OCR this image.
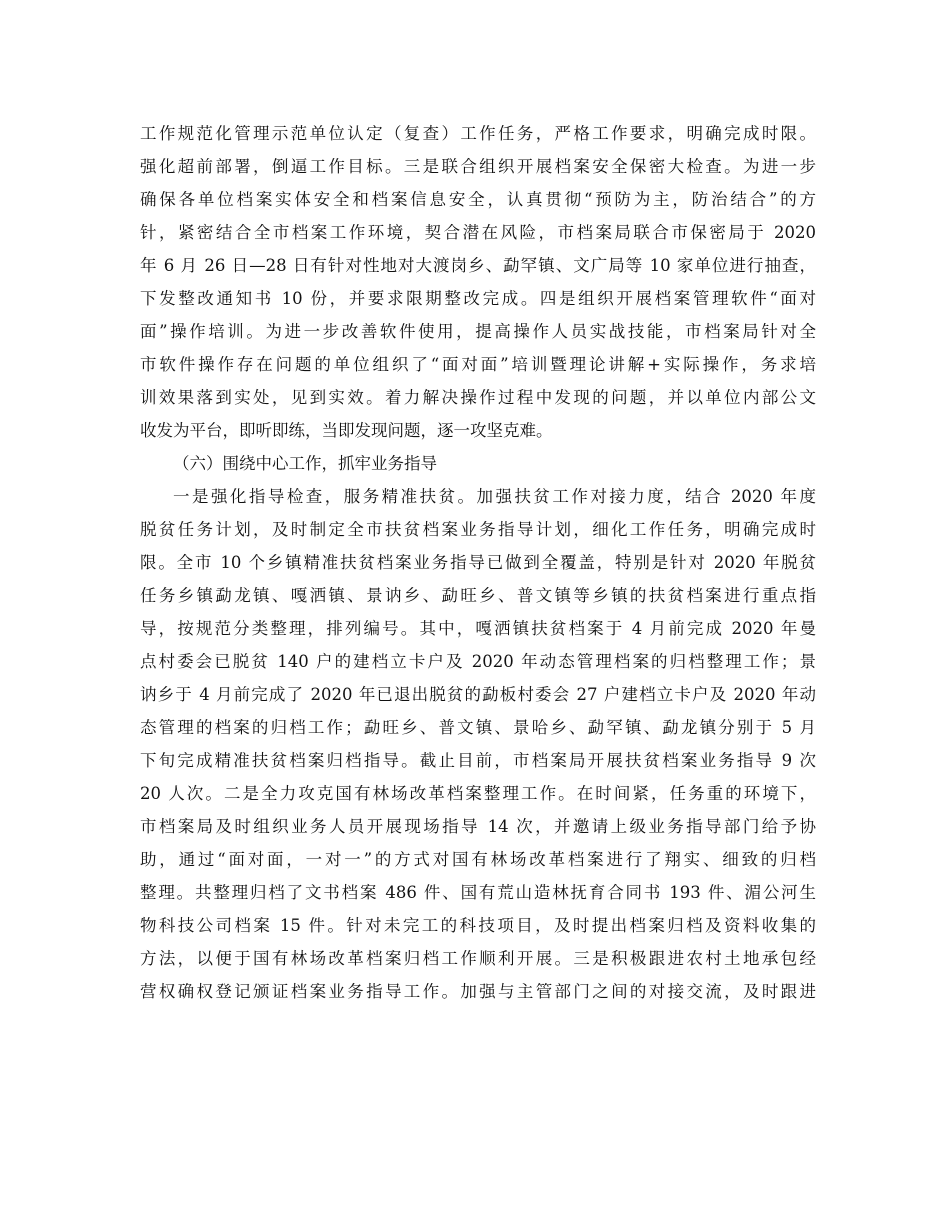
工作规范化管理示范单位认定（复查）工作任务，严格工作要求，明确完成时限。
强化超前部署，倒逼工作目标。三是联合组织开展档案安全保密大检查。为进一步
确保各单位档案实体安全和档案信息安全，认真贯彻“预防为主，防治结合”的方
针，紧密结合全市档案工作环境，契合潜在风险，市档案局联合市保密局于 2020
年 6 月 26 日—28 日有针对性地对大渡岗乡、勐罕镇、文广局等 10 家单位进行抽查，
下发整改通知书 10 份，并要求限期整改完成。四是组织开展档案管理软件“面对
面”操作培训。为进一步改善软件使用，提高操作人员实战技能，市档案局针对全
市软件操作存在问题的单位组织了“面对面”培训暨理论讲解+实际操作，务求培
训效果落到实处，见到实效。着力解决操作过程中发现的问题，并以单位内部公文
收发为平台，即听即练，当即发现问题，逐一攻坚克难。
（六）围绕中心工作，抓牢业务指导
一是强化指导检查，服务精准扶贫。加强扶贫工作对接力度，结合 2020 年度
脱贫任务计划，及时制定全市扶贫档案业务指导计划，细化工作任务，明确完成时
限。全市 10 个乡镇精准扶贫档案业务指导已做到全覆盖，特别是针对 2020 年脱贫
任务乡镇勐龙镇、嘎洒镇、景讷乡、勐旺乡、普文镇等乡镇的扶贫档案进行重点指
导，按规范分类整理，排列编号。其中，嘎洒镇扶贫档案于 4 月前完成 2020 年曼
点村委会已脱贫 140 户的建档立卡户及 2020 年动态管理档案的归档整理工作；景
讷乡于 4 月前完成了 2020 年已退出脱贫的勐板村委会 27 户建档立卡户及 2020 年动
态管理的档案的归档工作；勐旺乡、普文镇、景哈乡、勐罕镇、勐龙镇分别于 5 月
下旬完成精准扶贫档案归档指导。截止目前，市档案局开展扶贫档案业务指导 9 次
20 人次。二是全力攻克国有林场改革档案整理工作。在时间紧，任务重的环境下，
市档案局及时组织业务人员开展现场指导 14 次，并邀请上级业务指导部门给予协
助，通过“面对面，一对一”的方式对国有林场改革档案进行了翔实、细致的归档
整理。共整理归档了文书档案 486 件、国有荒山造林抚育合同书 193 件、湄公河生
物科技公司档案 15 件。针对未完工的科技项目，及时提出档案归档及资料收集的
方法，以便于国有林场改革档案归档工作顺利开展。三是积极跟进农村土地承包经
营权确权登记颁证档案业务指导工作。加强与主管部门之间的对接交流，及时跟进
